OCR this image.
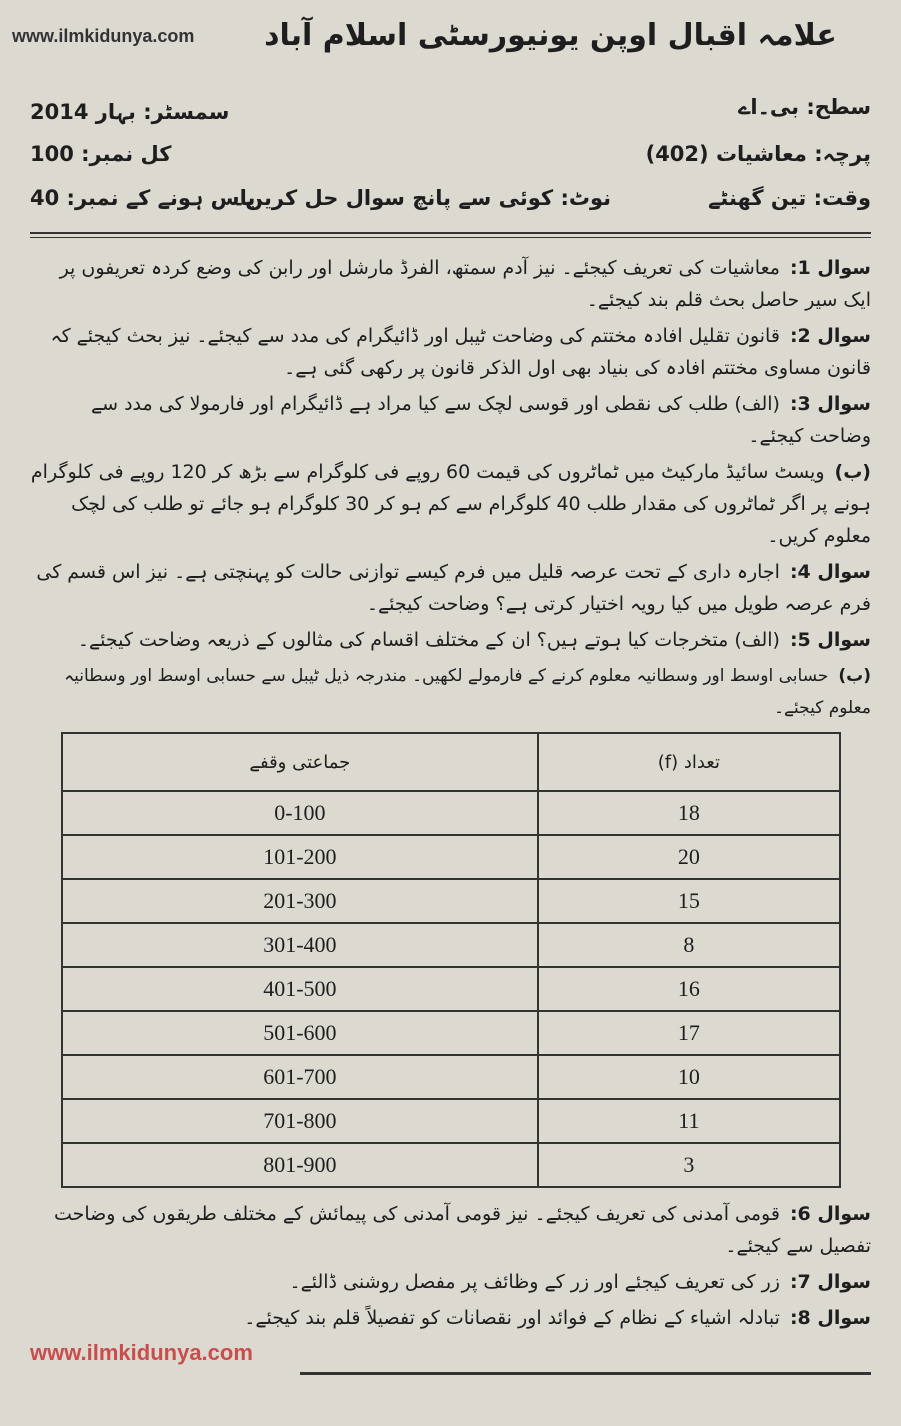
www.ilmkidunya.com	علامہ اقبال اوپن یونیورسٹی اسلام آباد
سطح: بی۔اے
سمسٹر: بہار 2014
پرچہ: معاشیات (402)
کل نمبر: 100
وقت: تین گھنٹے
نوٹ: کوئی سے پانچ سوال حل کریں۔
پاس ہونے کے نمبر: 40
سوال 1:معاشیات کی تعریف کیجئے۔ نیز آدم سمتھ، الفرڈ مارشل اور رابن کی وضع کردہ تعریفوں پر ایک سیر حاصل بحث قلم بند کیجئے۔
سوال 2:قانون تقلیل افادہ مختتم کی وضاحت ٹیبل اور ڈائیگرام کی مدد سے کیجئے۔ نیز بحث کیجئے کہ قانون مساوی مختتم افادہ کی بنیاد بھی اول الذکر قانون پر رکھی گئی ہے۔
سوال 3:(الف) طلب کی نقطی اور قوسی لچک سے کیا مراد ہے ڈائیگرام اور فارمولا کی مدد سے وضاحت کیجئے۔
(ب)ویسٹ سائیڈ مارکیٹ میں ٹماٹروں کی قیمت 60 روپے فی کلوگرام سے بڑھ کر 120 روپے فی کلوگرام ہونے پر اگر ٹماٹروں کی مقدار طلب 40 کلوگرام سے کم ہو کر 30 کلوگرام ہو جائے تو طلب کی لچک معلوم کریں۔
سوال 4:اجارہ داری کے تحت عرصہ قلیل میں فرم کیسے توازنی حالت کو پہنچتی ہے۔ نیز اس قسم کی فرم عرصہ طویل میں کیا رویہ اختیار کرتی ہے؟ وضاحت کیجئے۔
سوال 5:(الف) متخرجات کیا ہوتے ہیں؟ ان کے مختلف اقسام کی مثالوں کے ذریعہ وضاحت کیجئے۔
(ب)حسابی اوسط اور وسطانیہ معلوم کرنے کے فارمولے لکھیں۔ مندرجہ ذیل ٹیبل سے حسابی اوسط اور وسطانیہ معلوم کیجئے۔
تعداد (f)	جماعتی وقفے
18	0-100
20	101-200
15	201-300
8	301-400
16	401-500
17	501-600
10	601-700
11	701-800
3	801-900
سوال 6:قومی آمدنی کی تعریف کیجئے۔ نیز قومی آمدنی کی پیمائش کے مختلف طریقوں کی وضاحت تفصیل سے کیجئے۔
سوال 7:زر کی تعریف کیجئے اور زر کے وظائف پر مفصل روشنی ڈالئے۔
سوال 8:تبادلہ اشیاء کے نظام کے فوائد اور نقصانات کو تفصیلاً قلم بند کیجئے۔
www.ilmkidunya.com
